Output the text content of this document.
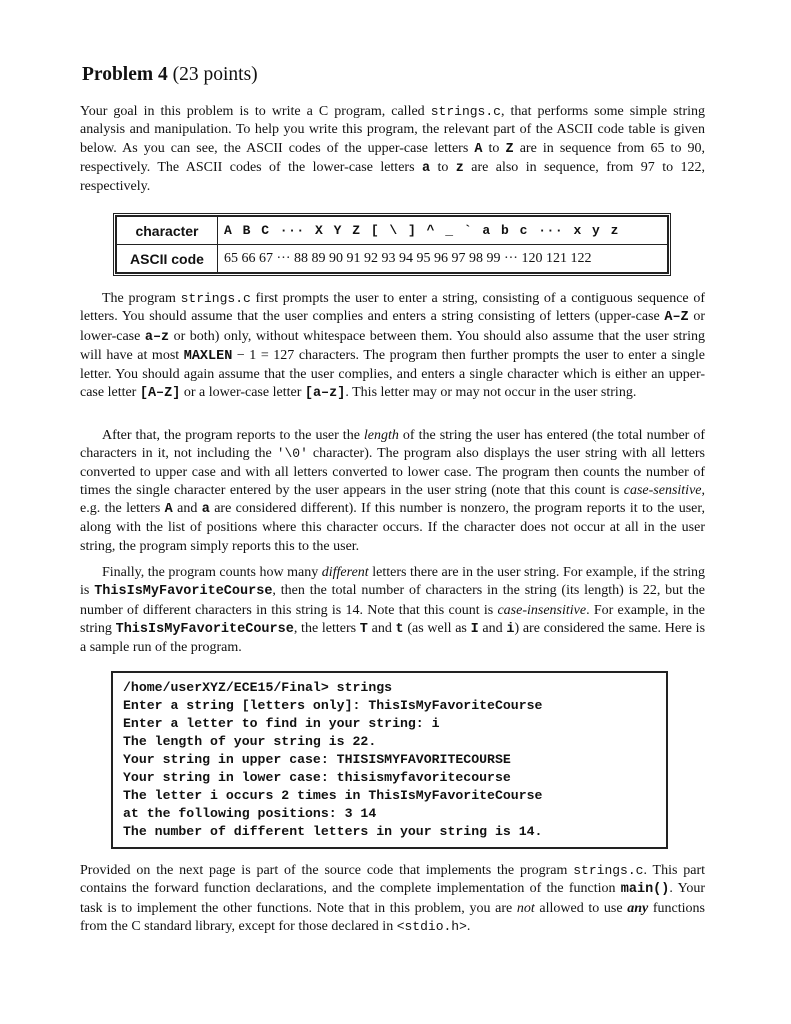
Problem 4 (23 points)

Your goal in this problem is to write a C program, called strings.c, that performs some simple string analysis and manipulation. To help you write this program, the relevant part of the ASCII code table is given below. As you can see, the ASCII codes of the upper-case letters A to Z are in sequence from 65 to 90, respectively. The ASCII codes of the lower-case letters a to z are also in sequence, from 97 to 122, respectively.

character	A B C ··· X Y Z [ \ ] ^ _ ` a b c ··· x y z
ASCII code	65 66 67 ··· 88 89 90 91 92 93 94 95 96 97 98 99 ··· 120 121 122

The program strings.c first prompts the user to enter a string, consisting of a contiguous sequence of letters. You should assume that the user complies and enters a string consisting of letters (upper-case A–Z or lower-case a–z or both) only, without whitespace between them. You should also assume that the user string will have at most MAXLEN − 1 = 127 characters. The program then further prompts the user to enter a single letter. You should again assume that the user complies, and enters a single character which is either an upper-case letter [A–Z] or a lower-case letter [a–z]. This letter may or may not occur in the user string.

After that, the program reports to the user the length of the string the user has entered (the total number of characters in it, not including the '\0' character). The program also displays the user string with all letters converted to upper case and with all letters converted to lower case. The program then counts the number of times the single character entered by the user appears in the user string (note that this count is case-sensitive, e.g. the letters A and a are considered different). If this number is nonzero, the program reports it to the user, along with the list of positions where this character occurs. If the character does not occur at all in the user string, the program simply reports this to the user.

Finally, the program counts how many different letters there are in the user string. For example, if the string is ThisIsMyFavoriteCourse, then the total number of characters in the string (its length) is 22, but the number of different characters in this string is 14. Note that this count is case-insensitive. For example, in the string ThisIsMyFavoriteCourse, the letters T and t (as well as I and i) are considered the same. Here is a sample run of the program.

/home/userXYZ/ECE15/Final> strings
Enter a string [letters only]: ThisIsMyFavoriteCourse
Enter a letter to find in your string: i
The length of your string is 22.
Your string in upper case: THISISMYFAVORITECOURSE
Your string in lower case: thisismyfavoritecourse
The letter i occurs 2 times in ThisIsMyFavoriteCourse
at the following positions: 3 14
The number of different letters in your string is 14.

Provided on the next page is part of the source code that implements the program strings.c. This part contains the forward function declarations, and the complete implementation of the function main(). Your task is to implement the other functions. Note that in this problem, you are not allowed to use any functions from the C standard library, except for those declared in <stdio.h>.
